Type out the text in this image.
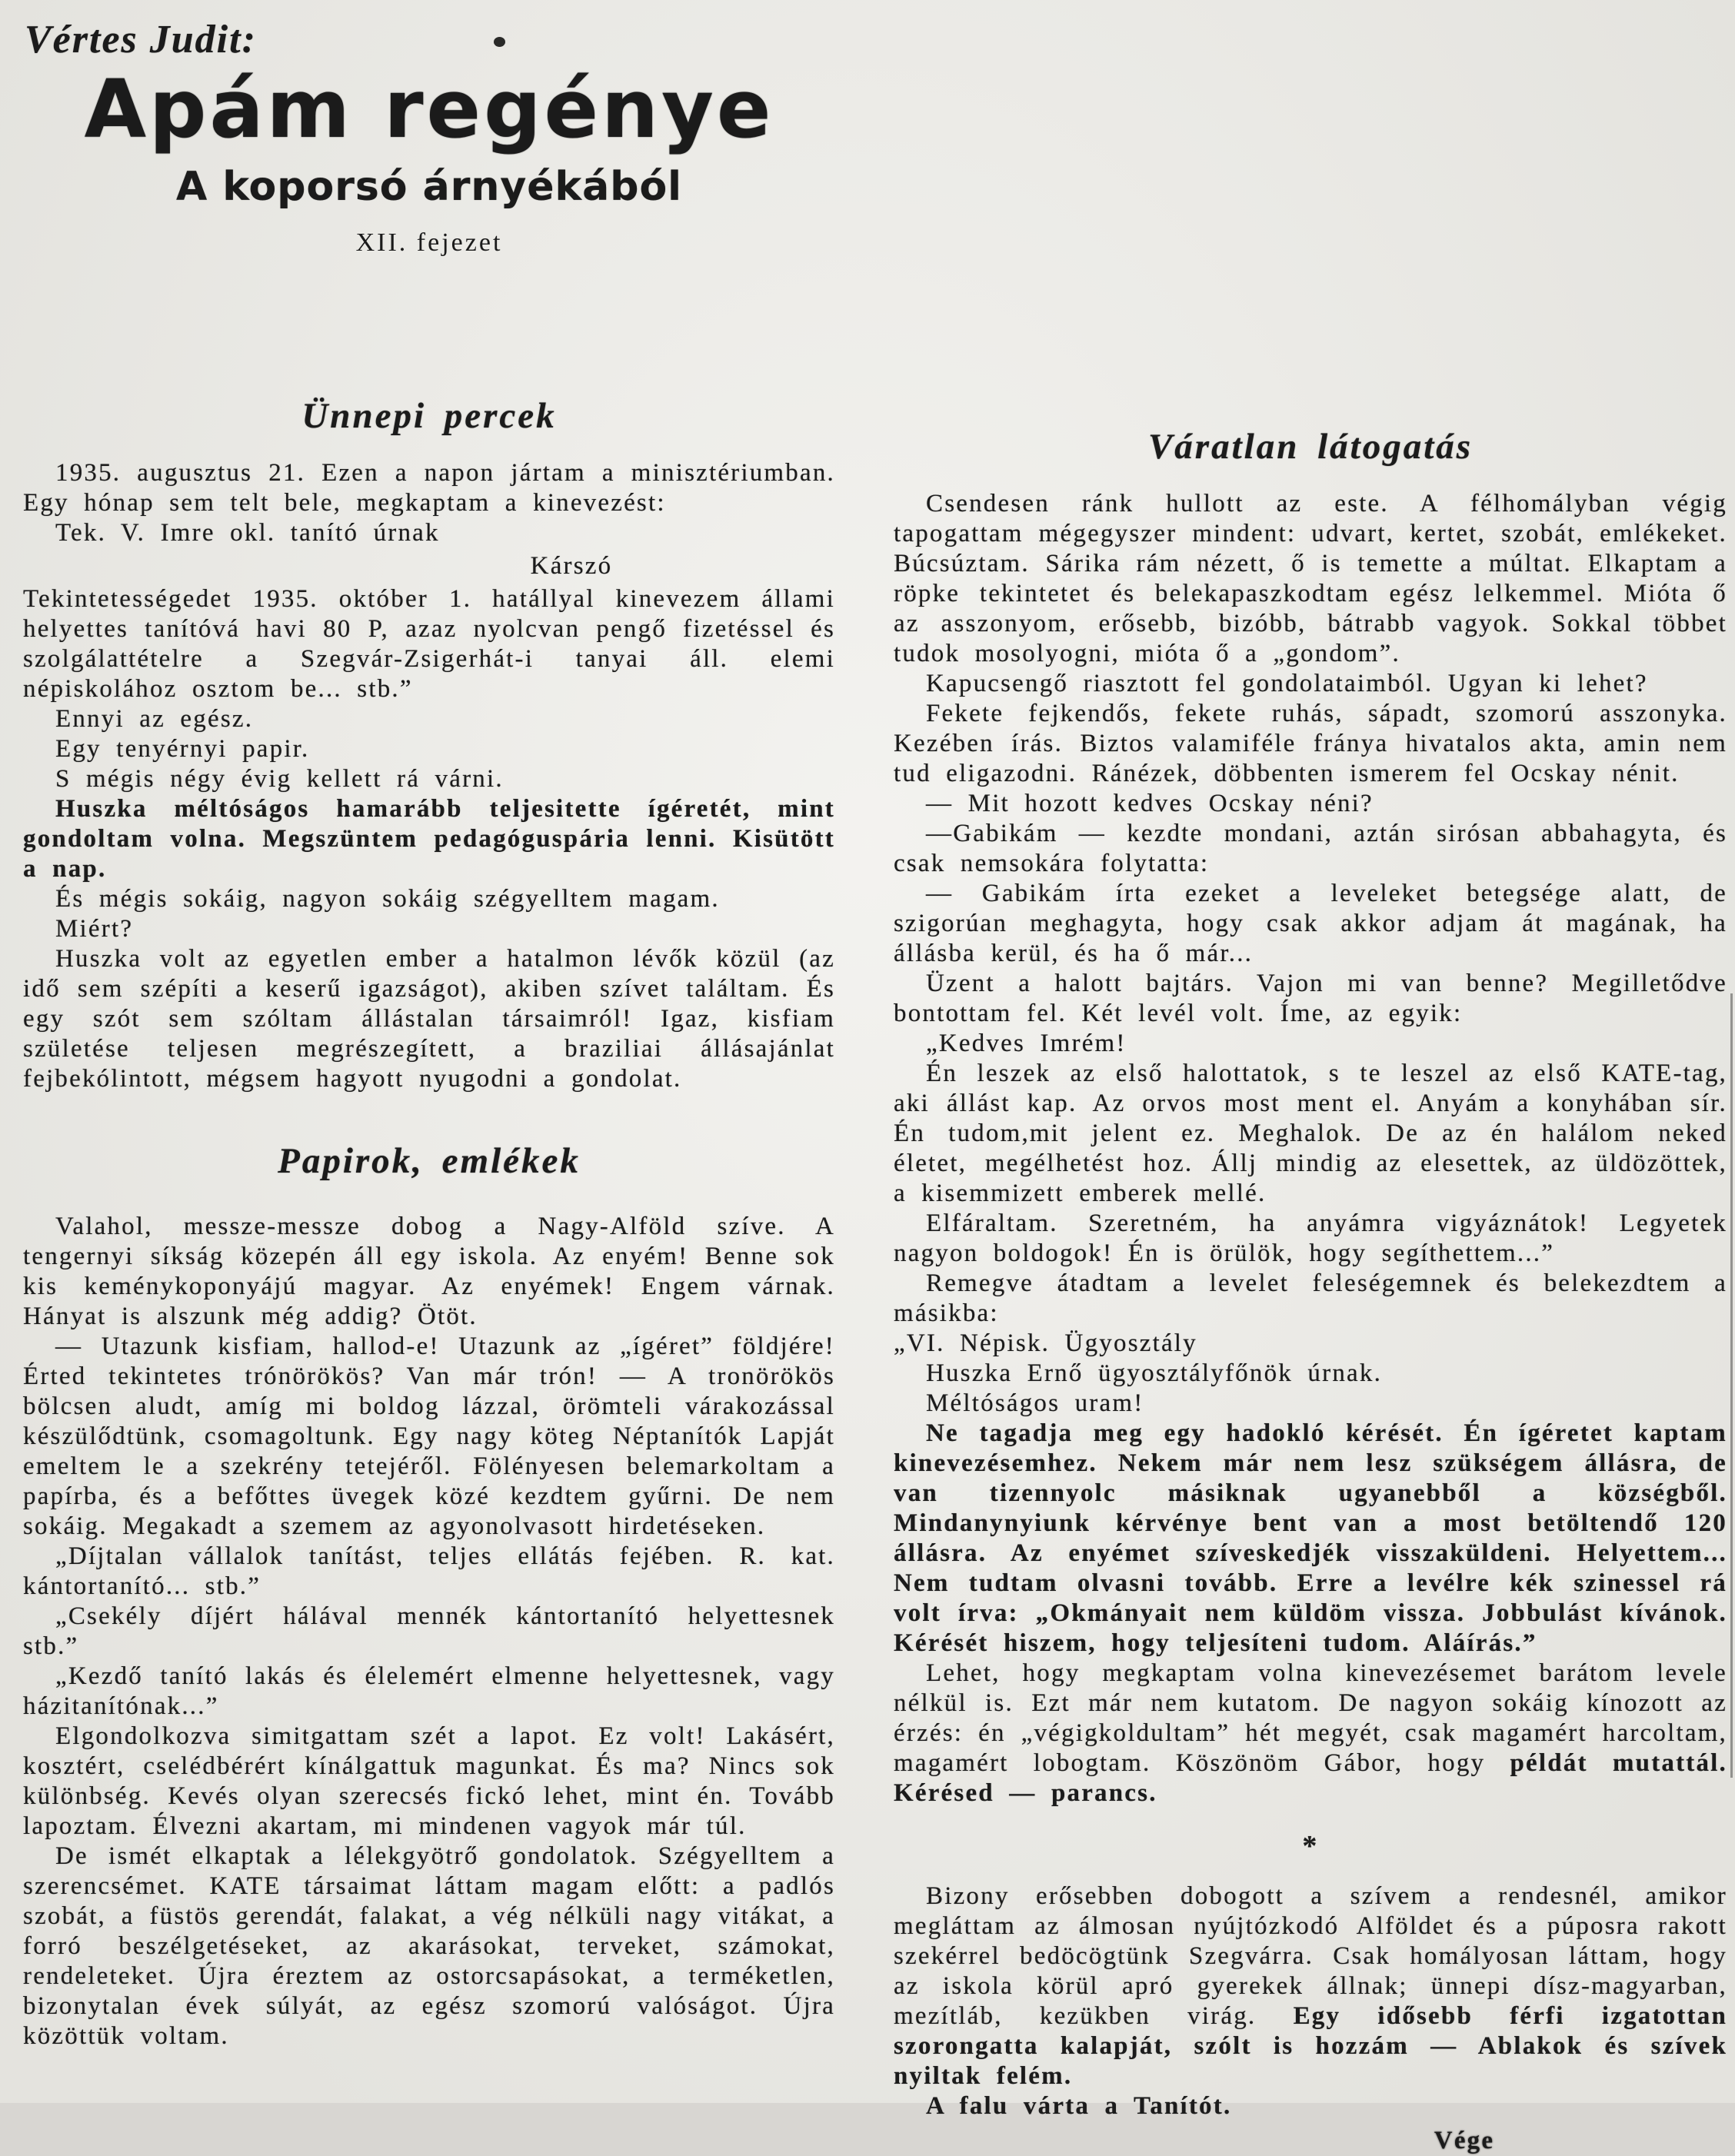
Vértes Judit:
Apám regénye
A koporsó árnyékából
XII. fejezet
Ünnepi percek

1935. augusztus 21. Ezen a napon jártam a minisztériumban. Egy hónap sem telt bele, megkaptam a kinevezést:

Tek. V. Imre okl. tanító úrnak

Kárszó

Tekintetességedet 1935. október 1. hatállyal kinevezem állami helyettes tanítóvá havi 80 P, azaz nyolcvan pengő fizetéssel és szolgálattételre a Szegvár-Zsigerhát-i tanyai áll. elemi népiskolához osztom be... stb.”

Ennyi az egész.

Egy tenyérnyi papir.

S mégis négy évig kellett rá várni.

Huszka méltóságos hamarább teljesitette ígéretét, mint gondoltam volna. Megszüntem pedagóguspária lenni. Kisütött a nap.

És mégis sokáig, nagyon sokáig szégyelltem magam.

Miért?

Huszka volt az egyetlen ember a hatalmon lévők közül (az idő sem szépíti a keserű igazságot), akiben szívet találtam. És egy szót sem szóltam állástalan társaimról! Igaz, kisfiam születése teljesen megrészegített, a braziliai állásajánlat fejbekólintott, mégsem hagyott nyugodni a gondolat.

Papirok, emlékek

Valahol, messze-messze dobog a Nagy-Alföld szíve. A tengernyi síkság közepén áll egy iskola. Az enyém! Benne sok kis keménykoponyájú magyar. Az enyémek! Engem várnak. Hányat is alszunk még addig? Ötöt.

— Utazunk kisfiam, hallod-e! Utazunk az „ígéret” földjére! Érted tekintetes trónörökös? Van már trón! — A tronörökös bölcsen aludt, amíg mi boldog lázzal, örömteli várakozással készülődtünk, csomagoltunk. Egy nagy köteg Néptanítók Lapját emeltem le a szekrény tetejéről. Fölényesen belemarkoltam a papírba, és a befőttes üvegek közé kezdtem gyűrni. De nem sokáig. Megakadt a szemem az agyonolvasott hirdetéseken.

„Díjtalan vállalok tanítást, teljes ellátás fejében. R. kat. kántortanító... stb.”

„Csekély díjért hálával mennék kántortanító helyettesnek stb.”

„Kezdő tanító lakás és élelemért elmenne helyettesnek, vagy házitanítónak...”

Elgondolkozva simitgattam szét a lapot. Ez volt! Lakásért, kosztért, cselédbérért kínálgattuk magunkat. És ma? Nincs sok különbség. Kevés olyan szerecsés fickó lehet, mint én. Tovább lapoztam. Élvezni akartam, mi mindenen vagyok már túl.

De ismét elkaptak a lélekgyötrő gondolatok. Szégyelltem a szerencsémet. KATE társaimat láttam magam előtt: a padlós szobát, a füstös gerendát, falakat, a vég nélküli nagy vitákat, a forró beszélgetéseket, az akarásokat, terveket, számokat, rendeleteket. Újra éreztem az ostorcsapásokat, a terméketlen, bizonytalan évek súlyát, az egész szomorú valóságot. Újra közöttük voltam.

Váratlan látogatás

Csendesen ránk hullott az este. A félhomályban végig tapogattam mégegyszer mindent: udvart, kertet, szobát, emlékeket. Búcsúztam. Sárika rám nézett, ő is temette a múltat. Elkaptam a röpke tekintetet és belekapaszkodtam egész lelkemmel. Mióta ő az asszonyom, erősebb, bizóbb, bátrabb vagyok. Sokkal többet tudok mosolyogni, mióta ő a „gondom”.

Kapucsengő riasztott fel gondolataimból. Ugyan ki lehet?

Fekete fejkendős, fekete ruhás, sápadt, szomorú asszonyka. Kezében írás. Biztos valamiféle fránya hivatalos akta, amin nem tud eligazodni. Ránézek, döbbenten ismerem fel Ocskay nénit.

— Mit hozott kedves Ocskay néni?

—Gabikám — kezdte mondani, aztán sirósan abbahagyta, és csak nemsokára folytatta:

— Gabikám írta ezeket a leveleket betegsége alatt, de szigorúan meghagyta, hogy csak akkor adjam át magának, ha állásba kerül, és ha ő már...

Üzent a halott bajtárs. Vajon mi van benne? Megilletődve bontottam fel. Két levél volt. Íme, az egyik:

„Kedves Imrém!

Én leszek az első halottatok, s te leszel az első KATE-tag, aki állást kap. Az orvos most ment el. Anyám a konyhában sír. Én tudom,mit jelent ez. Meghalok. De az én halálom neked életet, megélhetést hoz. Állj mindig az elesettek, az üldözöttek, a kisemmizett emberek mellé.

Elfáraltam. Szeretném, ha anyámra vigyáznátok! Legyetek nagyon boldogok! Én is örülök, hogy segíthettem...”

Remegve átadtam a levelet feleségemnek és belekezdtem a másikba:

„VI. Népisk. Ügyosztály

Huszka Ernő ügyosztályfőnök úrnak.

Méltóságos uram!

Ne tagadja meg egy hadokló kérését. Én ígéretet kaptam kinevezésemhez. Nekem már nem lesz szükségem állásra, de van tizennyolc másiknak ugyanebből a községből. Mindanynyiunk kérvénye bent van a most betöltendő 120 állásra. Az enyémet szíveskedjék visszaküldeni. Helyettem... Nem tudtam olvasni tovább. Erre a levélre kék szinessel rá volt írva: „Okmányait nem küldöm vissza. Jobbulást kívánok. Kérését hiszem, hogy teljesíteni tudom. Aláírás.”

Lehet, hogy megkaptam volna kinevezésemet barátom levele nélkül is. Ezt már nem kutatom. De nagyon sokáig kínozott az érzés: én „végigkoldultam” hét megyét, csak magamért harcoltam, magamért lobogtam. Köszönöm Gábor, hogy példát mutattál. Kérésed — parancs.

*

Bizony erősebben dobogott a szívem a rendesnél, amikor megláttam az álmosan nyújtózkodó Alföldet és a púposra rakott szekérrel bedöcögtünk Szegvárra. Csak homályosan láttam, hogy az iskola körül apró gyerekek állnak; ünnepi dísz-magyarban, mezítláb, kezükben virág. Egy idősebb férfi izgatottan szorongatta kalapját, szólt is hozzám — Ablakok és szívek nyiltak felém.

A falu várta a Tanítót.

Vége
